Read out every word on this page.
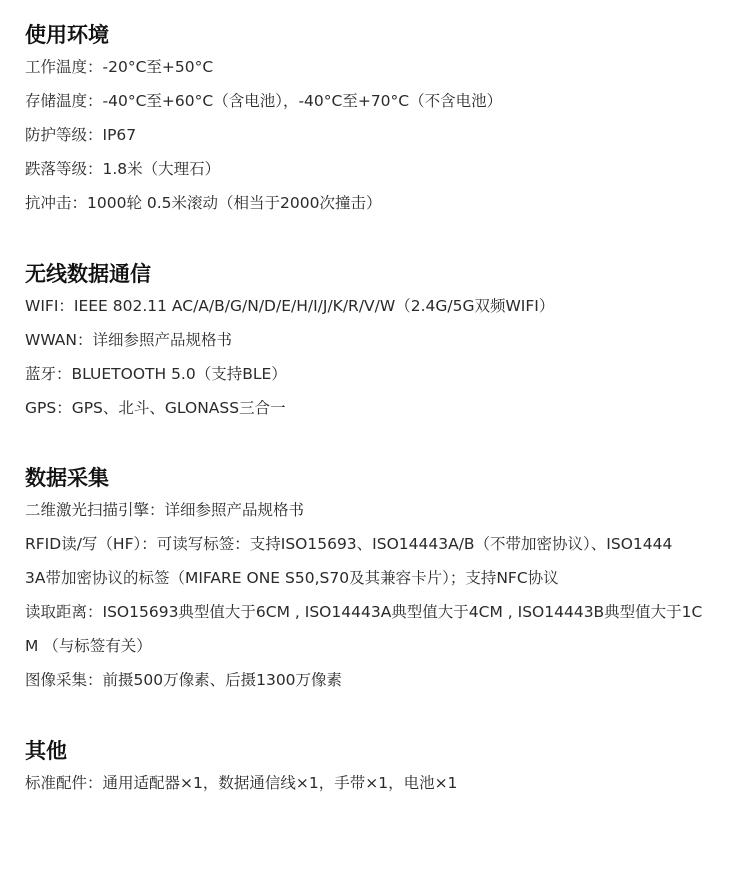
使用环境
工作温度：-20°C至+50°C
存储温度：-40°C至+60°C（含电池），-40°C至+70°C（不含电池）
防护等级：IP67
跌落等级：1.8米（大理石）
抗冲击：1000轮 0.5米滚动（相当于2000次撞击）
无线数据通信
WIFI：IEEE 802.11 AC/A/B/G/N/D/E/H/I/J/K/R/V/W（2.4G/5G双频WIFI）
WWAN：详细参照产品规格书
蓝牙：BLUETOOTH 5.0（支持BLE）
GPS：GPS、北斗、GLONASS三合一
数据采集
二维激光扫描引擎：详细参照产品规格书
RFID读/写（HF）：可读写标签：支持ISO15693、ISO14443A/B（不带加密协议）、ISO1444
3A带加密协议的标签（MIFARE ONE S50,S70及其兼容卡片）；支持NFC协议
读取距离：ISO15693典型值大于6CM , ISO14443A典型值大于4CM , ISO14443B典型值大于1C
M （与标签有关）
图像采集：前摄500万像素、后摄1300万像素
其他
标准配件：通用适配器×1，数据通信线×1，手带×1，电池×1
